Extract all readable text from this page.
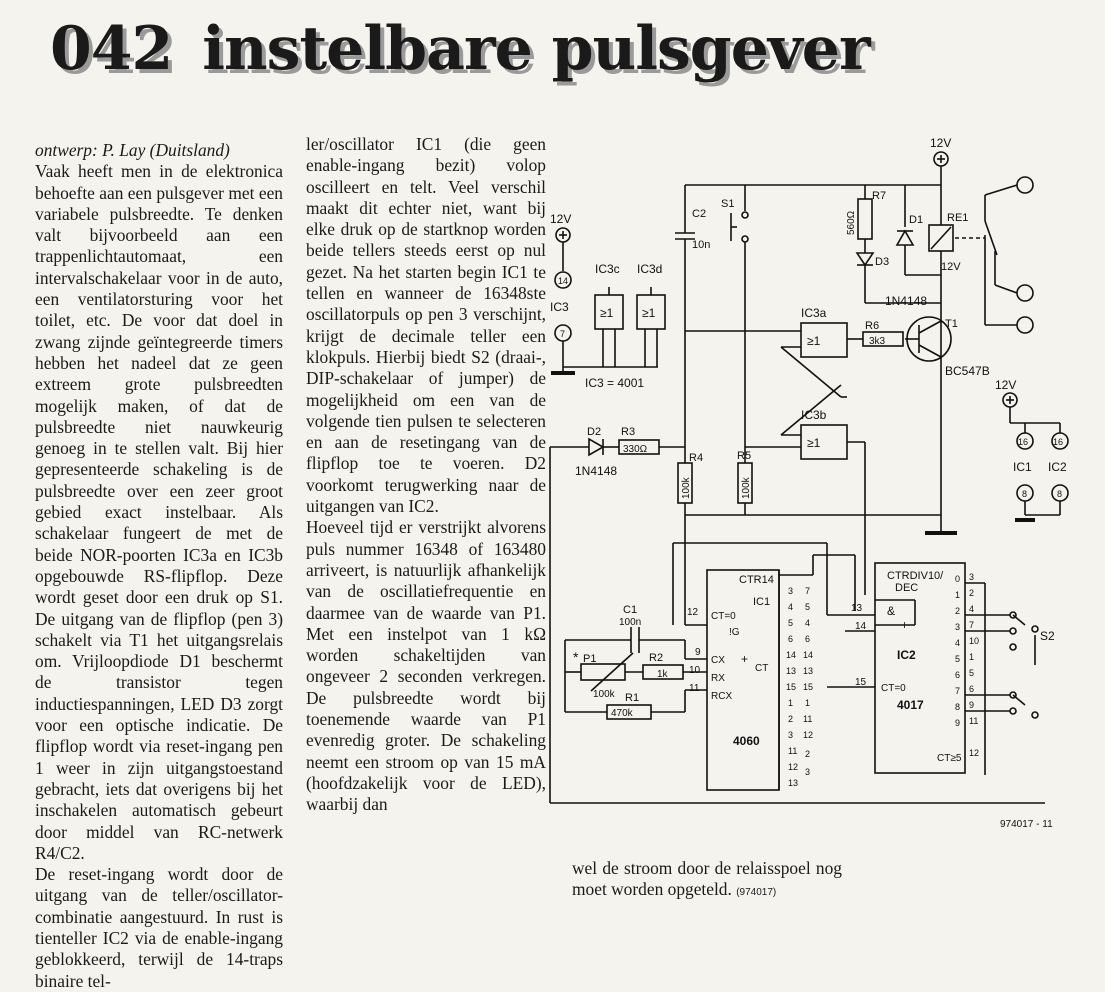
042 instelbare pulsgever

ontwerp: P. Lay (Duitsland)

Vaak heeft men in de elektronica behoefte aan een pulsgever met een variabele pulsbreedte. Te denken valt bijvoorbeeld aan een trappenlichtautomaat, een intervalschakelaar voor in de auto, een ventilatorsturing voor het toilet, etc. De voor dat doel in zwang zijnde geïntegreerde timers hebben het nadeel dat ze geen extreem grote pulsbreedten mogelijk maken, of dat de pulsbreedte niet nauwkeurig genoeg in te stellen valt. Bij hier gepresenteerde schakeling is de pulsbreedte over een zeer groot gebied exact instelbaar. Als schakelaar fungeert de met de beide NOR-poorten IC3a en IC3b opgebouwde RS-flipflop. Deze wordt geset door een druk op S1. De uitgang van de flipflop (pen 3) schakelt via T1 het uitgangsrelais om. Vrijloopdiode D1 beschermt de transistor tegen inductiespanningen, LED D3 zorgt voor een optische indicatie. De flipflop wordt via reset-ingang pen 1 weer in zijn uitgangstoestand gebracht, iets dat overigens bij het inschakelen automatisch gebeurt door middel van RC-netwerk R4/C2.

De reset-ingang wordt door de uitgang van de teller/oscillator-combinatie aangestuurd. In rust is tienteller IC2 via de enable-ingang geblokkeerd, terwijl de 14-traps binaire tel-

ler/oscillator IC1 (die geen enable-ingang bezit) volop oscilleert en telt. Veel verschil maakt dit echter niet, want bij elke druk op de startknop worden beide tellers steeds eerst op nul gezet. Na het starten begin IC1 te tellen en wanneer de 16348ste oscillatorpuls op pen 3 verschijnt, krijgt de decimale teller een klokpuls. Hierbij biedt S2 (draai-, DIP-schakelaar of jumper) de mogelijkheid om een van de volgende tien pulsen te selecteren en aan de resetingang van de flipflop toe te voeren. D2 voorkomt terugwerking naar de uitgangen van IC2.

Hoeveel tijd er verstrijkt alvorens puls nummer 16348 of 163480 arriveert, is natuurlijk afhankelijk van de oscillatiefrequentie en daarmee van de waarde van P1. Met een instelpot van 1 kΩ worden schakeltijden van ongeveer 2 seconden verkregen. De pulsbreedte wordt bij toenemende waarde van P1 evenredig groter. De schakeling neemt een stroom op van 15 mA (hoofdzakelijk voor de LED), waarbij dan

wel de stroom door de relaisspoel nog moet worden opgeteld. (974017)
12V
C2
10n
S1
R7
560Ω
D3
D1 RE1
12V
1N4148
T1
BC547B
R6
3k3
12V
14
IC3
7
≥1
IC3c
≥1
IC3d
IC3 = 4001
≥1
IC3a
≥1
IC3b
D2
1N4148
R3
330Ω
R4
100k
R5
100k
12V
16	16
IC1 IC2
8	8
CTR14
IC1
CT=0
!G
CX
RX
RCX
+
CT
4060
12
9
10
11
3
4
5
6
14
13
15
1
2
3
7
5
4
6
14
13
15
1
11
12
2
3
11
12
13
C1
100n
* P1
100k
R2
1k
R1
470k
CTRDIV10/
DEC
&
+
IC2
CT=0
4017
CT≥5
13
14
15
3
2
4
7
10
1
5
6
9
11
12
0
1
2
3
4
5
6
7
8
9
S2
974017 - 11
